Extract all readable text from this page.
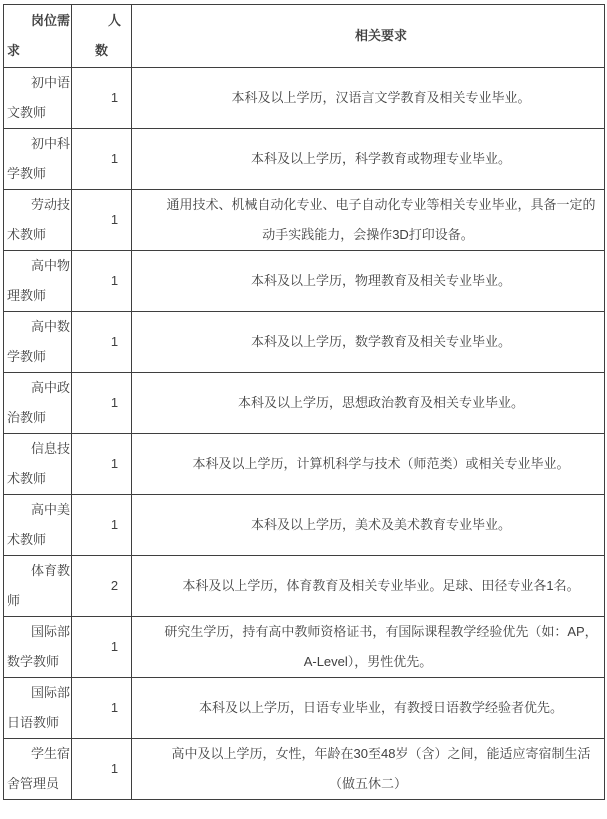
岗位需求	人数	相关要求
初中语文教师	1	本科及以上学历，汉语言文学教育及相关专业毕业。
初中科学教师	1	本科及以上学历，科学教育或物理专业毕业。
劳动技术教师	1	通用技术、机械自动化专业、电子自动化专业等相关专业毕业，具备一定的动手实践能力，会操作3D打印设备。
高中物理教师	1	本科及以上学历，物理教育及相关专业毕业。
高中数学教师	1	本科及以上学历，数学教育及相关专业毕业。
高中政治教师	1	本科及以上学历，思想政治教育及相关专业毕业。
信息技术教师	1	本科及以上学历，计算机科学与技术（师范类）或相关专业毕业。
高中美术教师	1	本科及以上学历，美术及美术教育专业毕业。
体育教师	2	本科及以上学历，体育教育及相关专业毕业。足球、田径专业各1名。
国际部数学教师	1	研究生学历，持有高中教师资格证书，有国际课程教学经验优先（如：AP，A-Level），男性优先。
国际部日语教师	1	本科及以上学历，日语专业毕业，有教授日语教学经验者优先。
学生宿舍管理员	1	高中及以上学历，女性，年龄在30至48岁（含）之间，能适应寄宿制生活（做五休二）
